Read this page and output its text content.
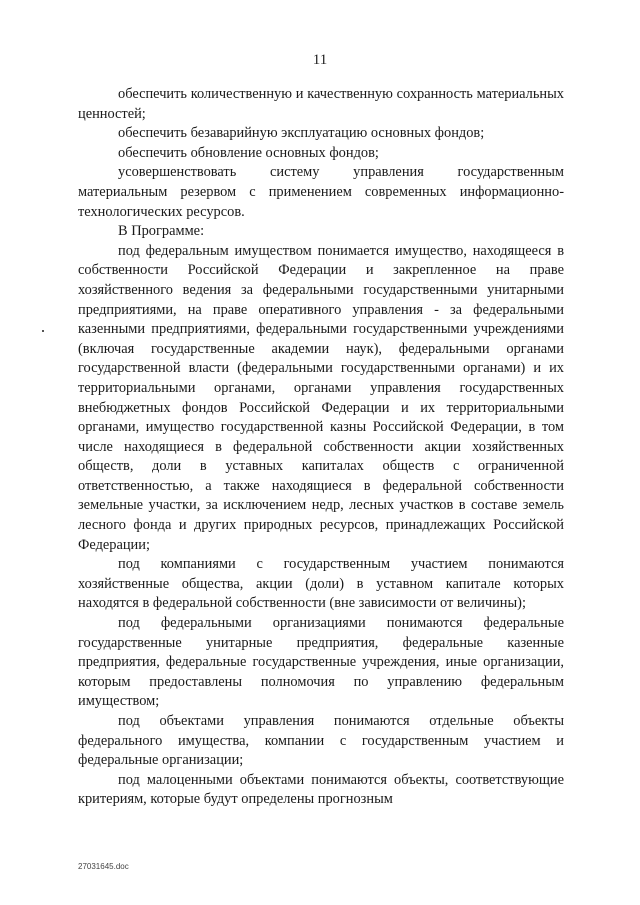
11

обеспечить количественную и качественную сохранность материальных ценностей;

обеспечить безаварийную эксплуатацию основных фондов;

обеспечить обновление основных фондов;

усовершенствовать систему управления государственным материальным резервом с применением современных информационно-технологических ресурсов.

В Программе:

под федеральным имуществом понимается имущество, находящееся в собственности Российской Федерации и закрепленное на праве хозяйственного ведения за федеральными государственными унитарными предприятиями, на праве оперативного управления - за федеральными казенными предприятиями, федеральными государственными учреждениями (включая государственные академии наук), федеральными органами государственной власти (федеральными государственными органами) и их территориальными органами, органами управления государственных внебюджетных фондов Российской Федерации и их территориальными органами, имущество государственной казны Российской Федерации, в том числе находящиеся в федеральной собственности акции хозяйственных обществ, доли в уставных капиталах обществ с ограниченной ответственностью, а также находящиеся в федеральной собственности земельные участки, за исключением недр, лесных участков в составе земель лесного фонда и других природных ресурсов, принадлежащих Российской Федерации;

под компаниями с государственным участием понимаются хозяйственные общества, акции (доли) в уставном капитале которых находятся в федеральной собственности (вне зависимости от величины);

под федеральными организациями понимаются федеральные государственные унитарные предприятия, федеральные казенные предприятия, федеральные государственные учреждения, иные организации, которым предоставлены полномочия по управлению федеральным имуществом;

под объектами управления понимаются отдельные объекты федерального имущества, компании с государственным участием и федеральные организации;

под малоценными объектами понимаются объекты, соответствующие критериям, которые будут определены прогнозным

27031645.doc
